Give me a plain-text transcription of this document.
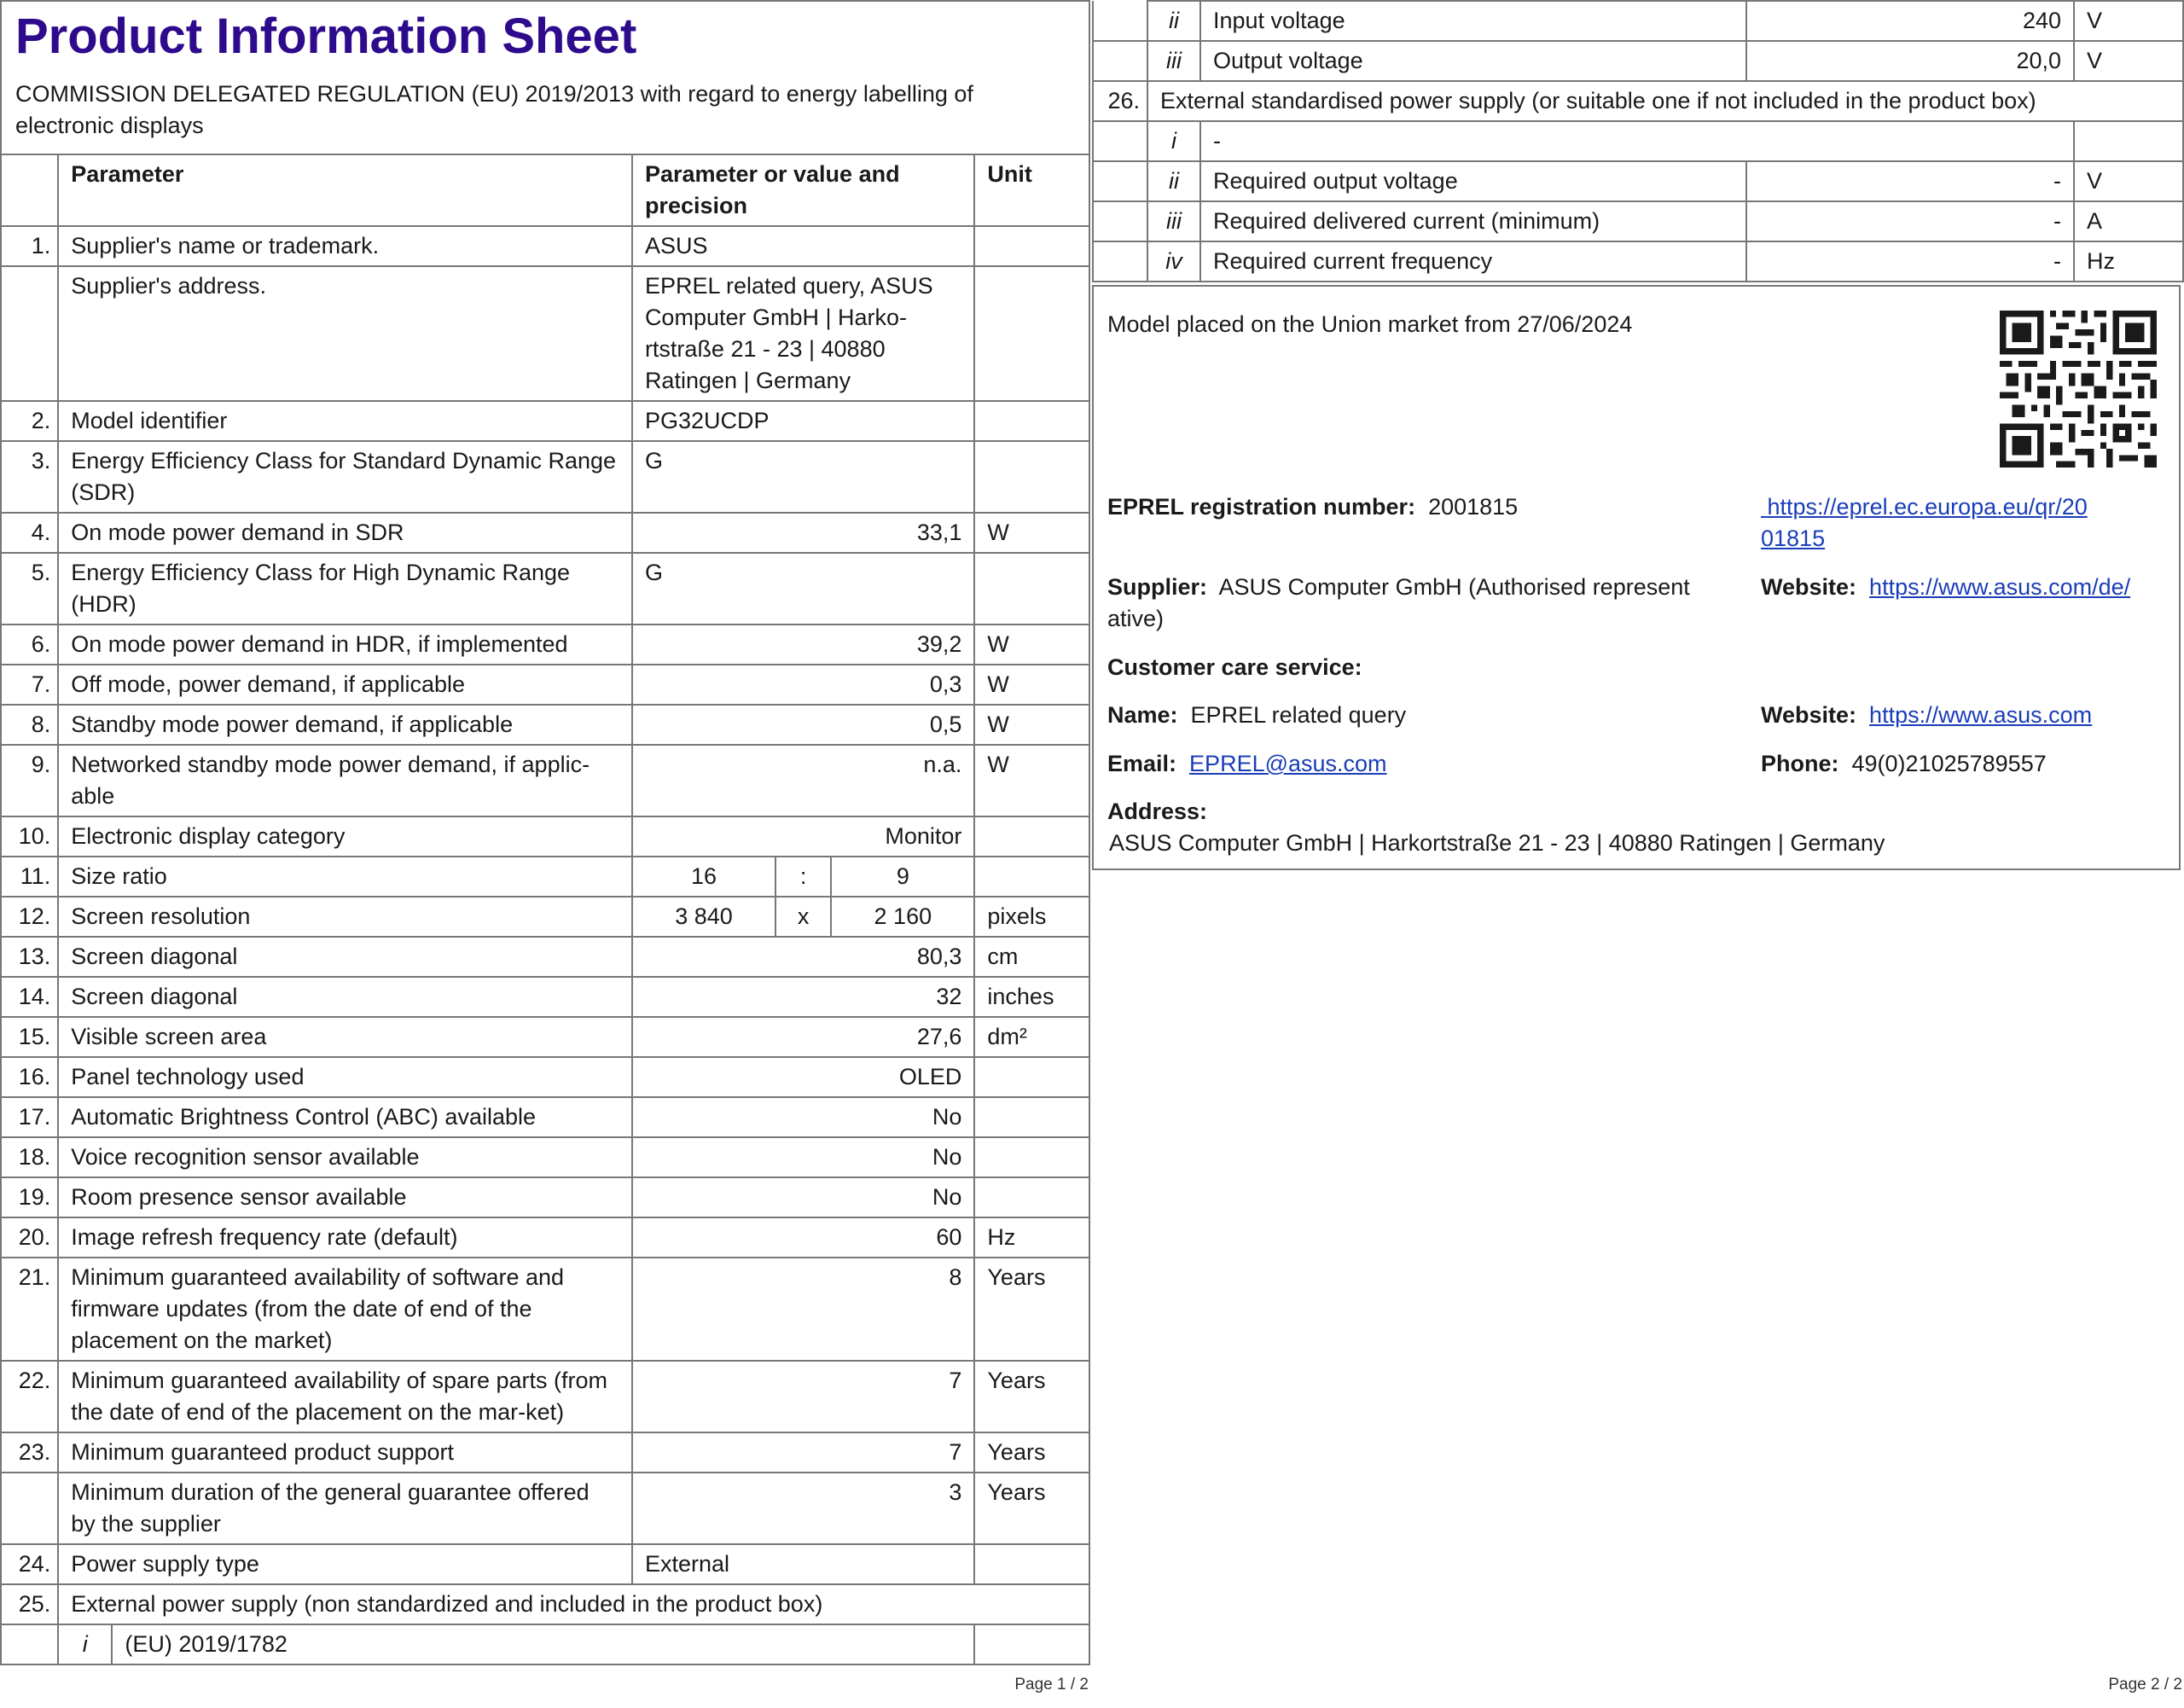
Product Information Sheet
COMMISSION DELEGATED REGULATION (EU) 2019/2013 with regard to energy labelling of electronic displays
	Parameter		Parameter or value and precision			Unit
1.	Supplier's name or trademark.		ASUS			
	Supplier's address.		EPREL related query, ASUS Computer GmbH | Harko-rtstraße 21 - 23 | 40880 Ratingen | Germany			
2.	Model identifier		PG32UCDP			
3.	Energy Efficiency Class for Standard Dynamic Range (SDR)		G			
4.	On mode power demand in SDR		33,1			W
5.	Energy Efficiency Class for High Dynamic Range (HDR)		G			
6.	On mode power demand in HDR, if implemented		39,2			W
7.	Off mode, power demand, if applicable		0,3			W
8.	Standby mode power demand, if applicable		0,5			W
9.	Networked standby mode power demand, if applic-able		n.a.			W
10.	Electronic display category		Monitor			
11.	Size ratio		16	:	9	
12.	Screen resolution		3 840	x	2 160	pixels
13.	Screen diagonal		80,3			cm
14.	Screen diagonal		32			inches
15.	Visible screen area		27,6			dm²
16.	Panel technology used		OLED			
17.	Automatic Brightness Control (ABC) available		No			
18.	Voice recognition sensor available		No			
19.	Room presence sensor available		No			
20.	Image refresh frequency rate (default)		60			Hz
21.	Minimum guaranteed availability of software and firmware updates (from the date of end of the placement on the market)		8			Years
22.	Minimum guaranteed availability of spare parts (from the date of end of the placement on the mar-ket)		7			Years
23.	Minimum guaranteed product support		7			Years
	Minimum duration of the general guarantee offered by the supplier		3			Years
24.	Power supply type		External			
25.	External power supply (non standardized and included in the product box)					
	i	(EU) 2019/1782				
Page 1 / 2
	ii	Input voltage	240	V
	iii	Output voltage	20,0	V
26.	External standardised power supply (or suitable one if not included in the product box)			
	i	-		
	ii	Required output voltage	-	V
	iii	Required delivered current (minimum)	-	A
	iv	Required current frequency	-	Hz
Model placed on the Union market from 27/06/2024
EPREL registration number: 2001815	https://eprel.ec.europa.eu/qr/20
01815
Supplier: ASUS Computer GmbH (Authorised represent
ative)
Website: https://www.asus.com/de/
Customer care service:
Name: EPREL related query	Website: https://www.asus.com
Email: EPREL@asus.com	Phone: 49(0)21025789557
Address:
ASUS Computer GmbH | Harkortstraße 21 - 23 | 40880 Ratingen | Germany
Page 2 / 2
